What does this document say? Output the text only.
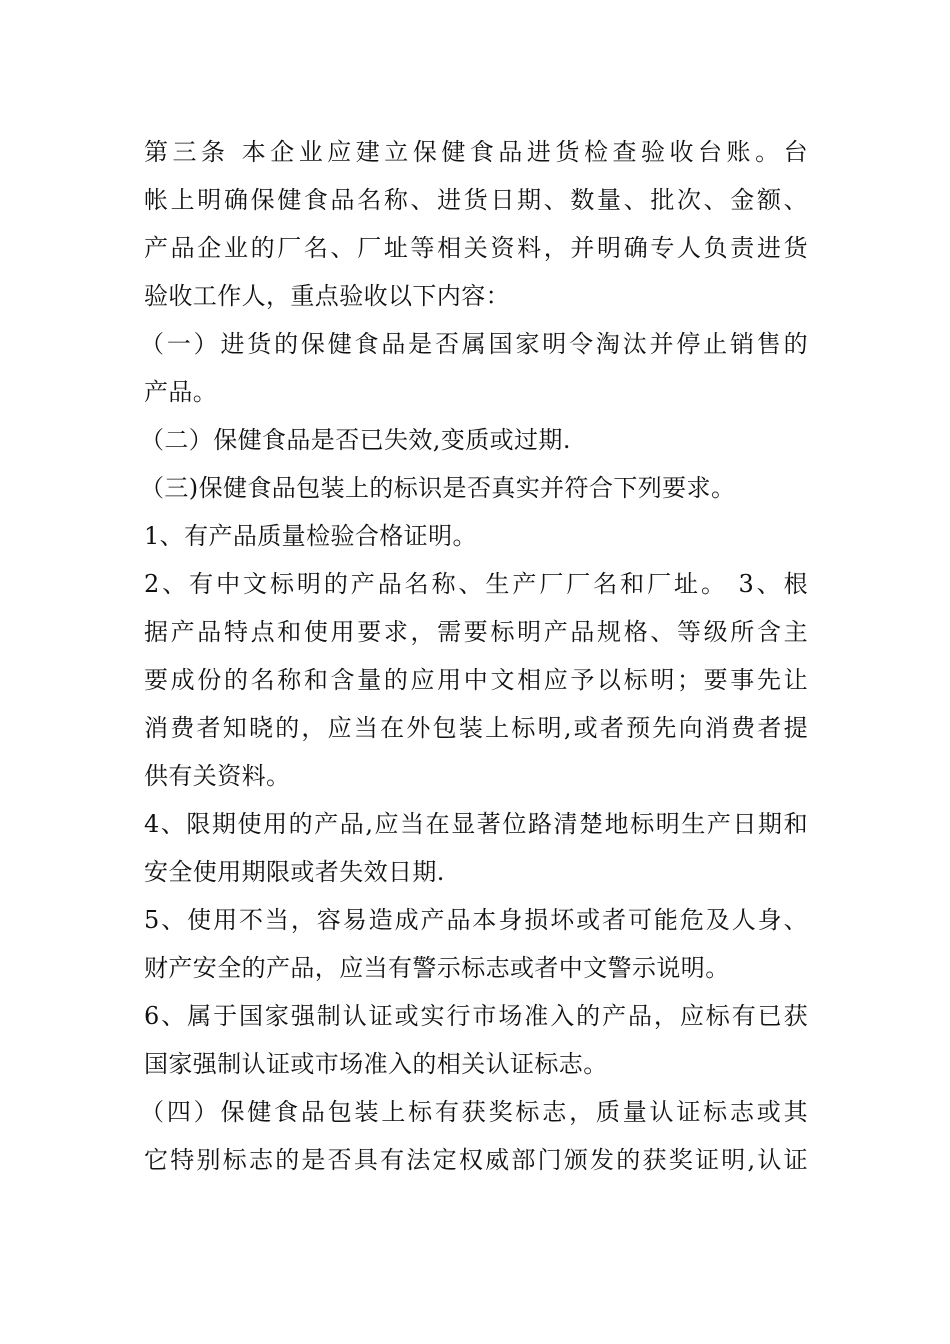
第三条 本企业应建立保健食品进货检查验收台账。台
帐上明确保健食品名称、进货日期、数量、批次、金额、
产品企业的厂名、厂址等相关资料，并明确专人负责进货
验收工作人，重点验收以下内容：
（一）进货的保健食品是否属国家明令淘汰并停止销售的
产品。
（二）保健食品是否已失效,变质或过期.
（三)保健食品包装上的标识是否真实并符合下列要求。
1、有产品质量检验合格证明。
2、有中文标明的产品名称、生产厂厂名和厂址。 3、根
据产品特点和使用要求，需要标明产品规格、等级所含主
要成份的名称和含量的应用中文相应予以标明；要事先让
消费者知晓的，应当在外包装上标明,或者预先向消费者提
供有关资料。
4、限期使用的产品,应当在显著位路清楚地标明生产日期和
安全使用期限或者失效日期.
5、使用不当，容易造成产品本身损坏或者可能危及人身、
财产安全的产品，应当有警示标志或者中文警示说明。
6、属于国家强制认证或实行市场准入的产品，应标有已获
国家强制认证或市场准入的相关认证标志。
（四）保健食品包装上标有获奖标志，质量认证标志或其
它特别标志的是否具有法定权威部门颁发的获奖证明,认证
